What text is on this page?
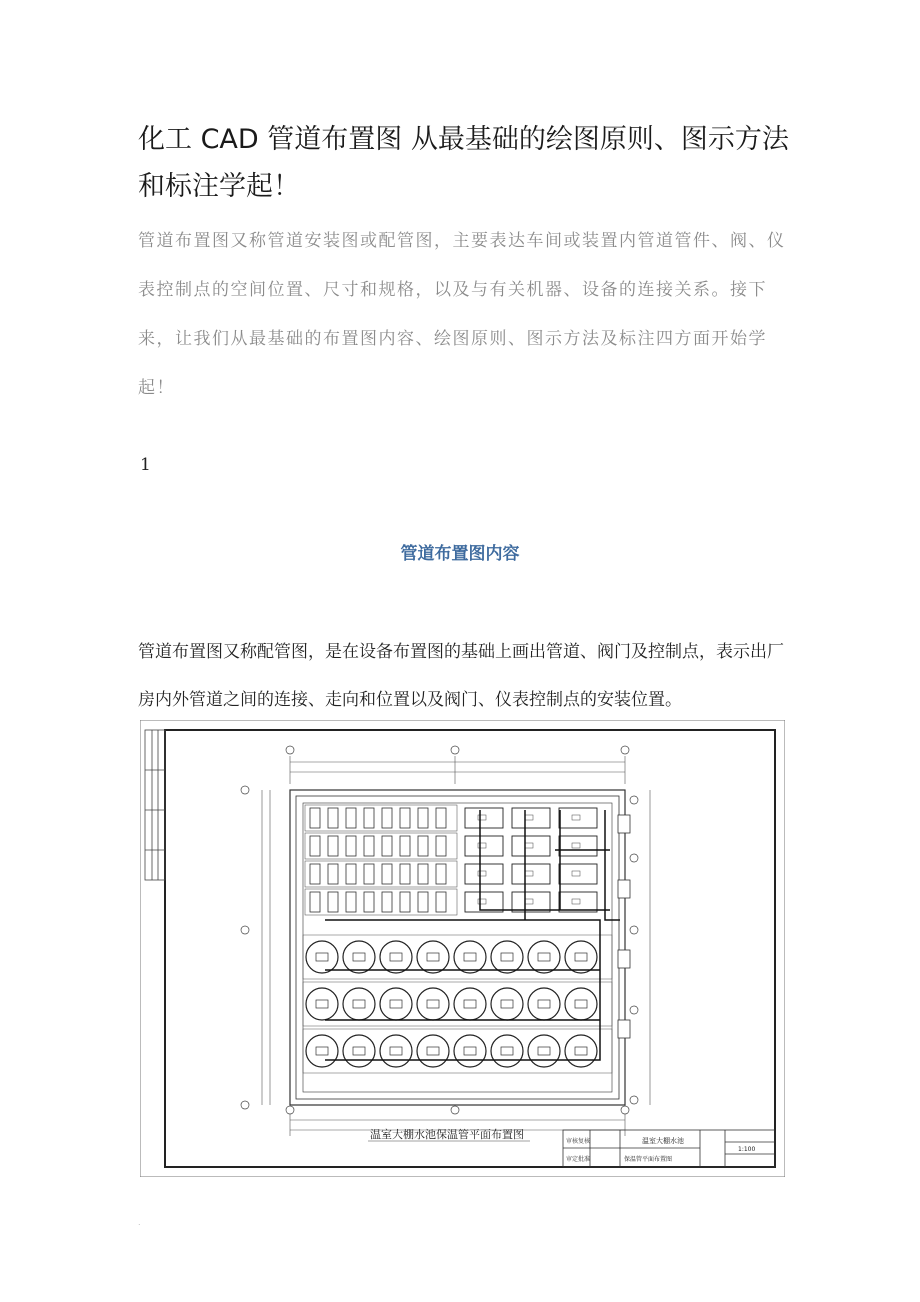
化工 CAD 管道布置图 从最基础的绘图原则、图示方法和标注学起！

管道布置图又称管道安装图或配管图，主要表达车间或装置内管道管件、阀、仪表控制点的空间位置、尺寸和规格，以及与有关机器、设备的连接关系。接下来，让我们从最基础的布置图内容、绘图原则、图示方法及标注四方面开始学起！

1
管道布置图内容

管道布置图又称配管图，是在设备布置图的基础上画出管道、阀门及控制点，表示出厂房内外管道之间的连接、走向和位置以及阀门、仪表控制点的安装位置。

温室大棚水池保温管平面布置图
审核复核
审定批准
温室大棚水池
保温管平面布置图
1:100
.
